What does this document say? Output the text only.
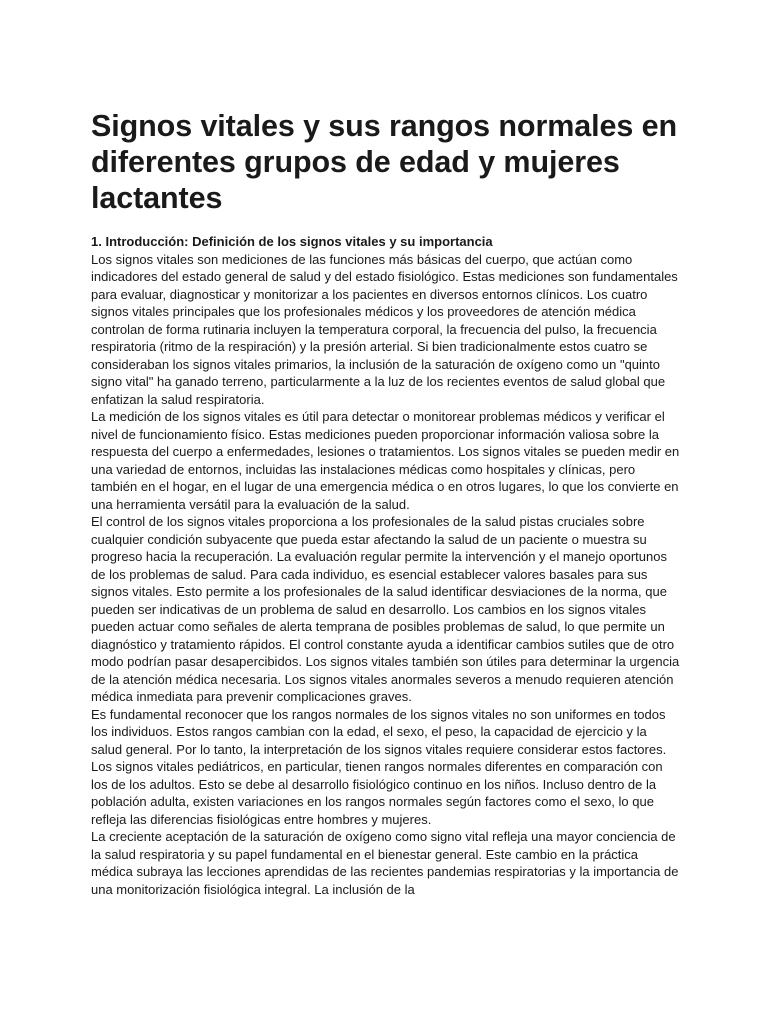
Signos vitales y sus rangos normales en diferentes grupos de edad y mujeres lactantes
1. Introducción: Definición de los signos vitales y su importancia

Los signos vitales son mediciones de las funciones más básicas del cuerpo, que actúan como indicadores del estado general de salud y del estado fisiológico. Estas mediciones son fundamentales para evaluar, diagnosticar y monitorizar a los pacientes en diversos entornos clínicos. Los cuatro signos vitales principales que los profesionales médicos y los proveedores de atención médica controlan de forma rutinaria incluyen la temperatura corporal, la frecuencia del pulso, la frecuencia respiratoria (ritmo de la respiración) y la presión arterial. Si bien tradicionalmente estos cuatro se consideraban los signos vitales primarios, la inclusión de la saturación de oxígeno como un "quinto signo vital" ha ganado terreno, particularmente a la luz de los recientes eventos de salud global que enfatizan la salud respiratoria.

La medición de los signos vitales es útil para detectar o monitorear problemas médicos y verificar el nivel de funcionamiento físico. Estas mediciones pueden proporcionar información valiosa sobre la respuesta del cuerpo a enfermedades, lesiones o tratamientos. Los signos vitales se pueden medir en una variedad de entornos, incluidas las instalaciones médicas como hospitales y clínicas, pero también en el hogar, en el lugar de una emergencia médica o en otros lugares, lo que los convierte en una herramienta versátil para la evaluación de la salud.

El control de los signos vitales proporciona a los profesionales de la salud pistas cruciales sobre cualquier condición subyacente que pueda estar afectando la salud de un paciente o muestra su progreso hacia la recuperación. La evaluación regular permite la intervención y el manejo oportunos de los problemas de salud. Para cada individuo, es esencial establecer valores basales para sus signos vitales. Esto permite a los profesionales de la salud identificar desviaciones de la norma, que pueden ser indicativas de un problema de salud en desarrollo. Los cambios en los signos vitales pueden actuar como señales de alerta temprana de posibles problemas de salud, lo que permite un diagnóstico y tratamiento rápidos. El control constante ayuda a identificar cambios sutiles que de otro modo podrían pasar desapercibidos. Los signos vitales también son útiles para determinar la urgencia de la atención médica necesaria. Los signos vitales anormales severos a menudo requieren atención médica inmediata para prevenir complicaciones graves.

Es fundamental reconocer que los rangos normales de los signos vitales no son uniformes en todos los individuos. Estos rangos cambian con la edad, el sexo, el peso, la capacidad de ejercicio y la salud general. Por lo tanto, la interpretación de los signos vitales requiere considerar estos factores. Los signos vitales pediátricos, en particular, tienen rangos normales diferentes en comparación con los de los adultos. Esto se debe al desarrollo fisiológico continuo en los niños. Incluso dentro de la población adulta, existen variaciones en los rangos normales según factores como el sexo, lo que refleja las diferencias fisiológicas entre hombres y mujeres.

La creciente aceptación de la saturación de oxígeno como signo vital refleja una mayor conciencia de la salud respiratoria y su papel fundamental en el bienestar general. Este cambio en la práctica médica subraya las lecciones aprendidas de las recientes pandemias respiratorias y la importancia de una monitorización fisiológica integral. La inclusión de la
